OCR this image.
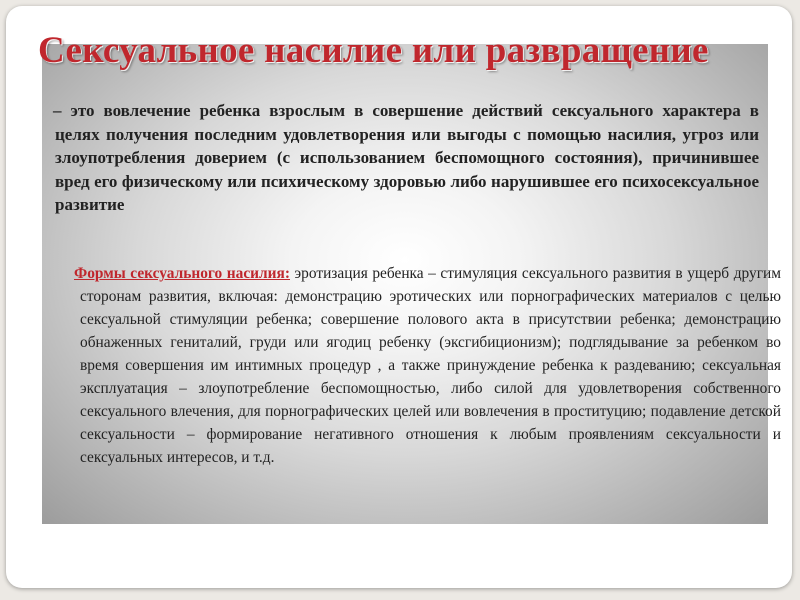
Сексуальное насилие или развращение

– это вовлечение ребенка взрослым в совершение действий сексуального характера в целях получения последним удовлетворения или выгоды с помощью насилия, угроз или злоупотребления доверием (с использованием беспомощного состояния), причинившее вред его физическому или психическому здоровью либо нарушившее его психосексуальное развитие

Формы сексуального насилия: эротизация ребенка – стимуляция сексуального развития в ущерб другим сторонам развития, включая: демонстрацию эротических или порнографических материалов с целью сексуальной стимуляции ребенка; совершение полового акта в присутствии ребенка; демонстрацию обнаженных гениталий, груди или ягодиц ребенку (эксгибиционизм); подглядывание за ребенком во время совершения им интимных процедур , а также принуждение ребенка к раздеванию; сексуальная эксплуатация – злоупотребление беспомощностью, либо силой для удовлетворения собственного сексуального влечения, для порнографических целей или вовлечения в проституцию; подавление детской сексуальности – формирование негативного отношения к любым проявлениям сексуальности и сексуальных интересов, и т.д.
